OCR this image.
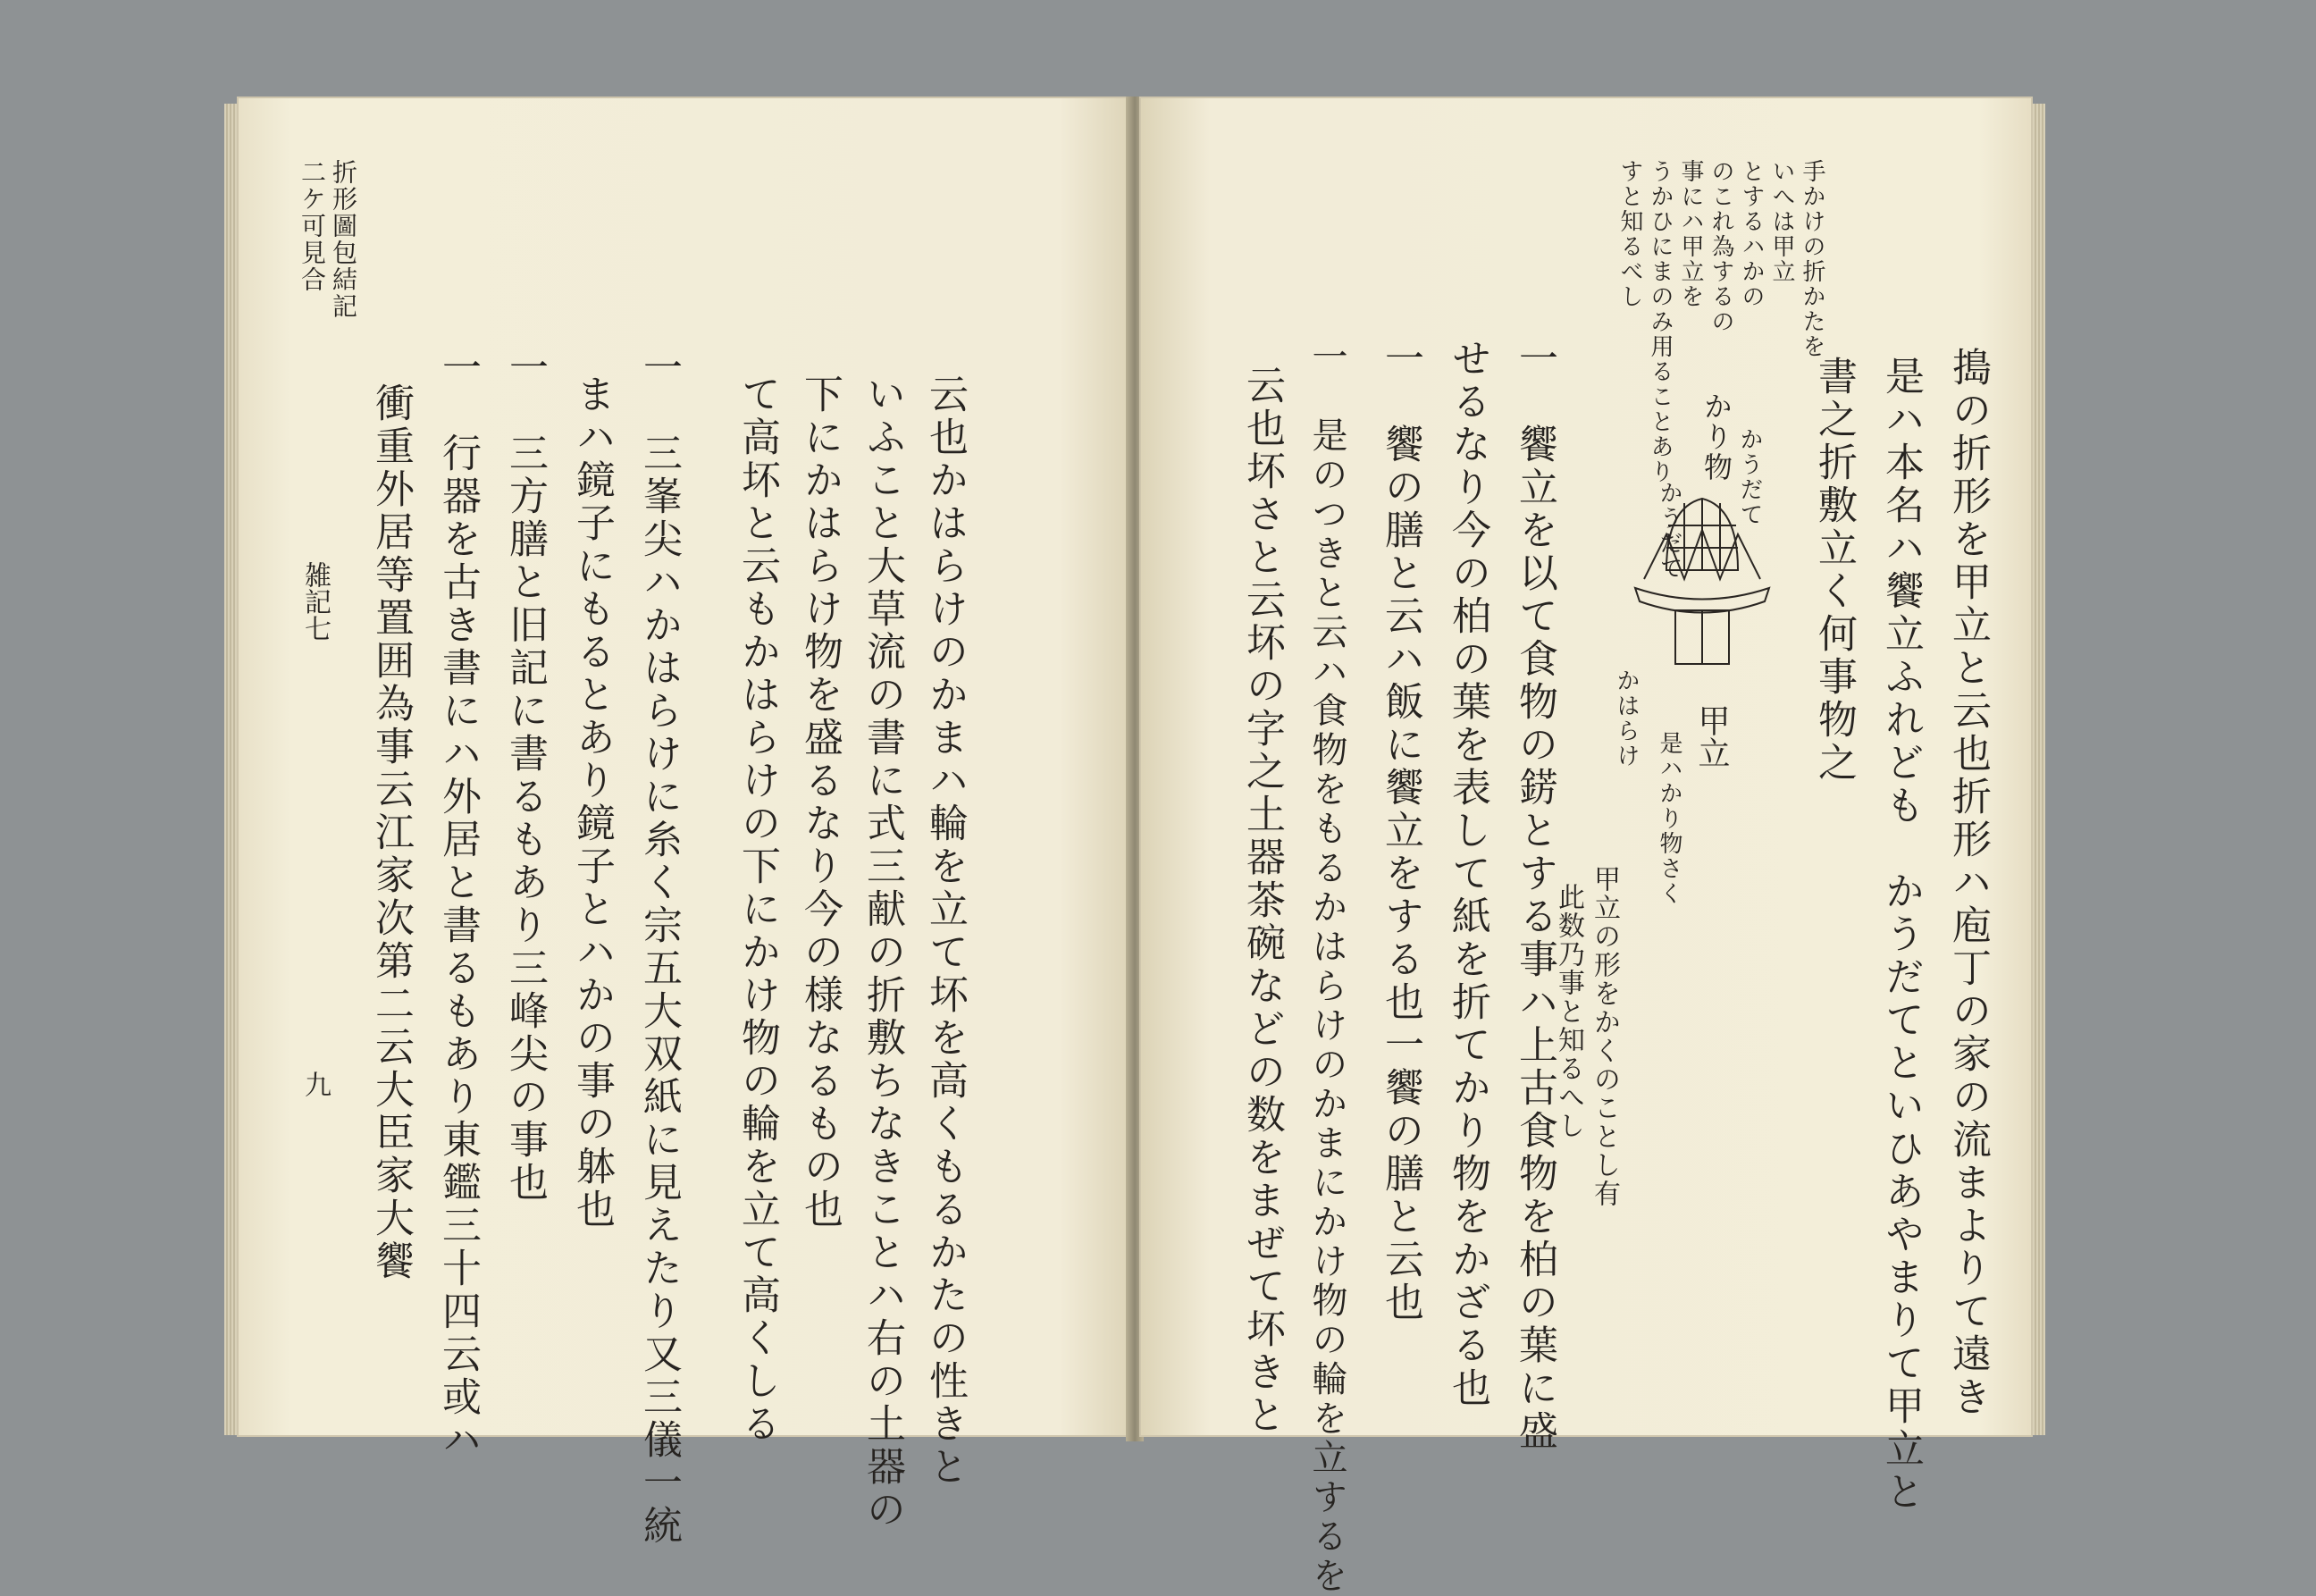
折形圖包結記
二ケ可見合
云也かはらけのかまハ輪を立て坏を高くもるかたの性きと
いふこと大草流の書に式三献の折敷ちなきことハ右の土器の
下にかはらけ物を盛るなり今の様なるもの也
て高坏と云もかはらけの下にかけ物の輪を立て高くしる
一　三峯尖ハかはらけに糸く宗五大双紙に見えたり又三儀一統
まハ鏡子にもるとあり鏡子とハかの事の躰也
一　三方膳と旧記に書るもあり三峰尖の事也
一　行器を古き書にハ外居と書るもあり東鑑三十四云或ハ
衝重外居等置囲為事云江家次第二云大臣家大饗
雑記七
九
手かけの折かたを
いへは甲立
とするハかの
のこれ為するの
事にハ甲立を
うかひにまのみ用ることあり
すと知るべし
搗の折形を甲立と云也折形ハ庖丁の家の流まよりて遠き
是ハ本名ハ饗立ふれども　かうだてといひあやまりて甲立と
書之折敷立く何事物之
一　饗立を以て食物の錺とする事ハ上古食物を柏の葉に盛
せるなり今の柏の葉を表して紙を折てかり物をかざる也
一　饗の膳と云ハ飯に饗立をする也一饗の膳と云也
一　是のつきと云ハ食物をもるかはらけのかまにかけ物の輪を立するを
云也坏さと云坏の字之土器茶碗などの数をまぜて坏きと	かり物 かうだて
かうだて
かはらけ 甲立
是ハかり物さく
甲立の形をかくのことし有
此数乃事と知るへし
